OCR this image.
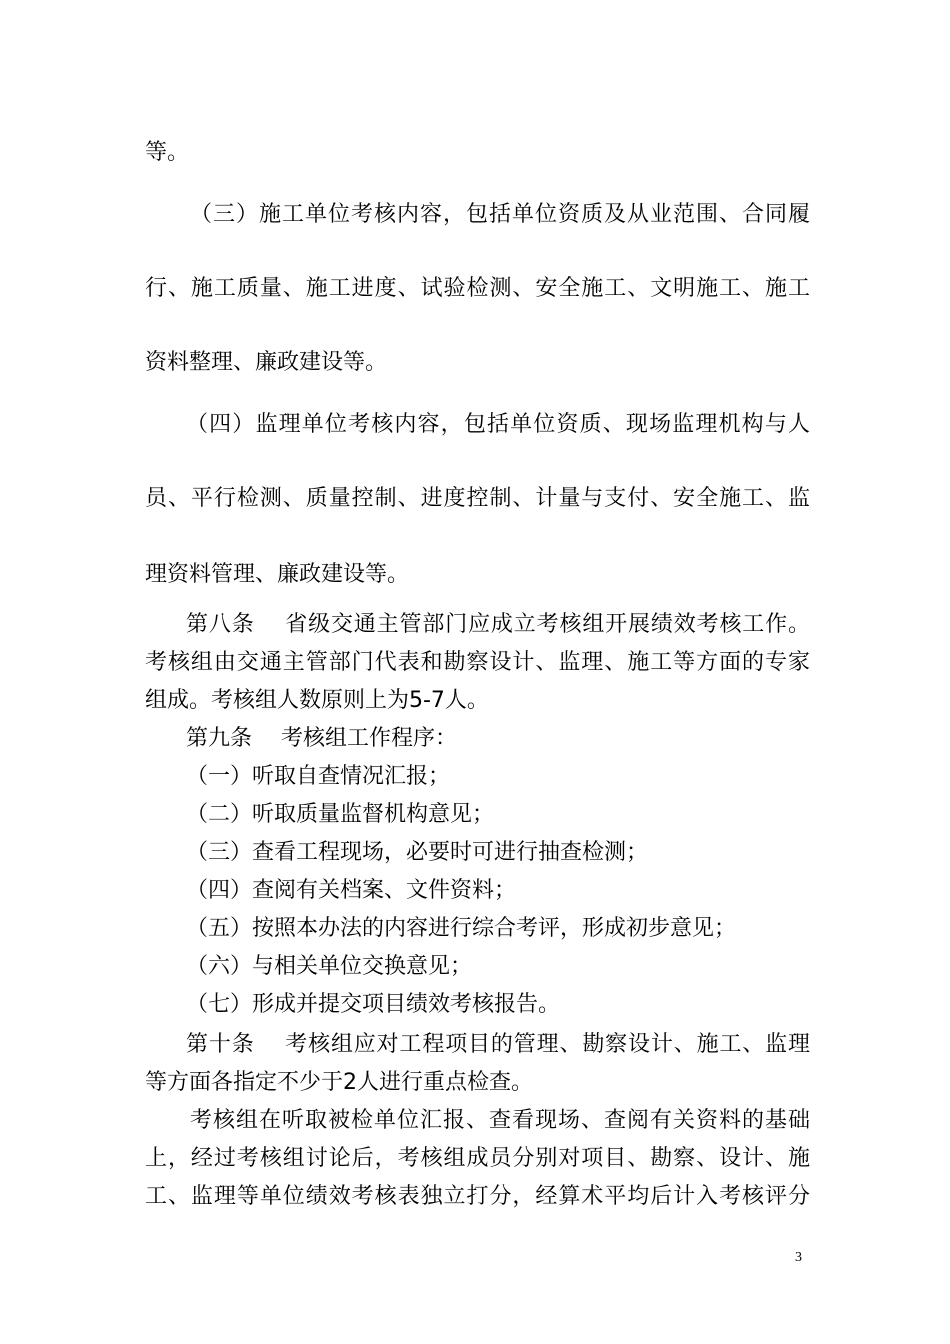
等。
（三）施工单位考核内容，包括单位资质及从业范围、合同履
行、施工质量、施工进度、试验检测、安全施工、文明施工、施工
资料整理、廉政建设等。
（四）监理单位考核内容，包括单位资质、现场监理机构与人
员、平行检测、质量控制、进度控制、计量与支付、安全施工、监
理资料管理、廉政建设等。
第八条　 省级交通主管部门应成立考核组开展绩效考核工作。
考核组由交通主管部门代表和勘察设计、监理、施工等方面的专家
组成。考核组人数原则上为5-7人。
第九条　 考核组工作程序：
（一）听取自查情况汇报；
（二）听取质量监督机构意见；
（三）查看工程现场，必要时可进行抽查检测；
（四）查阅有关档案、文件资料；
（五）按照本办法的内容进行综合考评，形成初步意见；
（六）与相关单位交换意见；
（七）形成并提交项目绩效考核报告。
第十条　 考核组应对工程项目的管理、勘察设计、施工、监理
等方面各指定不少于2人进行重点检查。
考核组在听取被检单位汇报、查看现场、查阅有关资料的基础
上，经过考核组讨论后，考核组成员分别对项目、勘察、设计、施
工、监理等单位绩效考核表独立打分，经算术平均后计入考核评分
3
